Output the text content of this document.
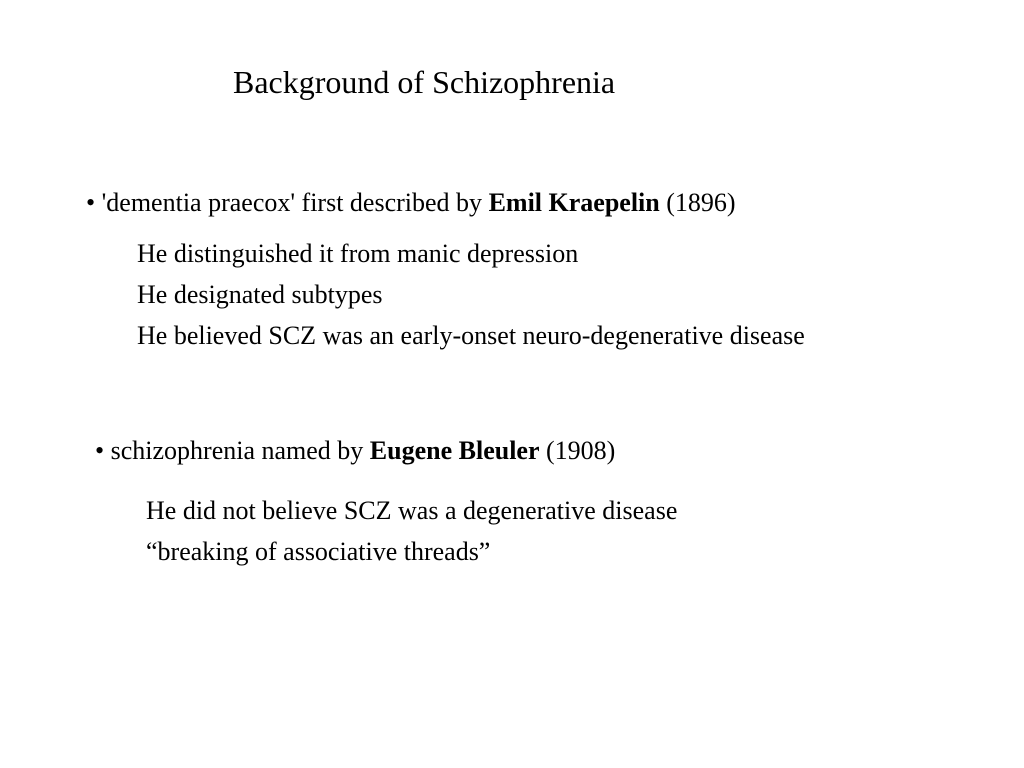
Background of Schizophrenia
• 'dementia praecox' first described by Emil Kraepelin (1896)
He distinguished it from manic depression
He designated subtypes
He believed SCZ was an early-onset neuro-degenerative disease
• schizophrenia named by Eugene Bleuler (1908)
He did not believe SCZ was a degenerative disease
“breaking of associative threads”
